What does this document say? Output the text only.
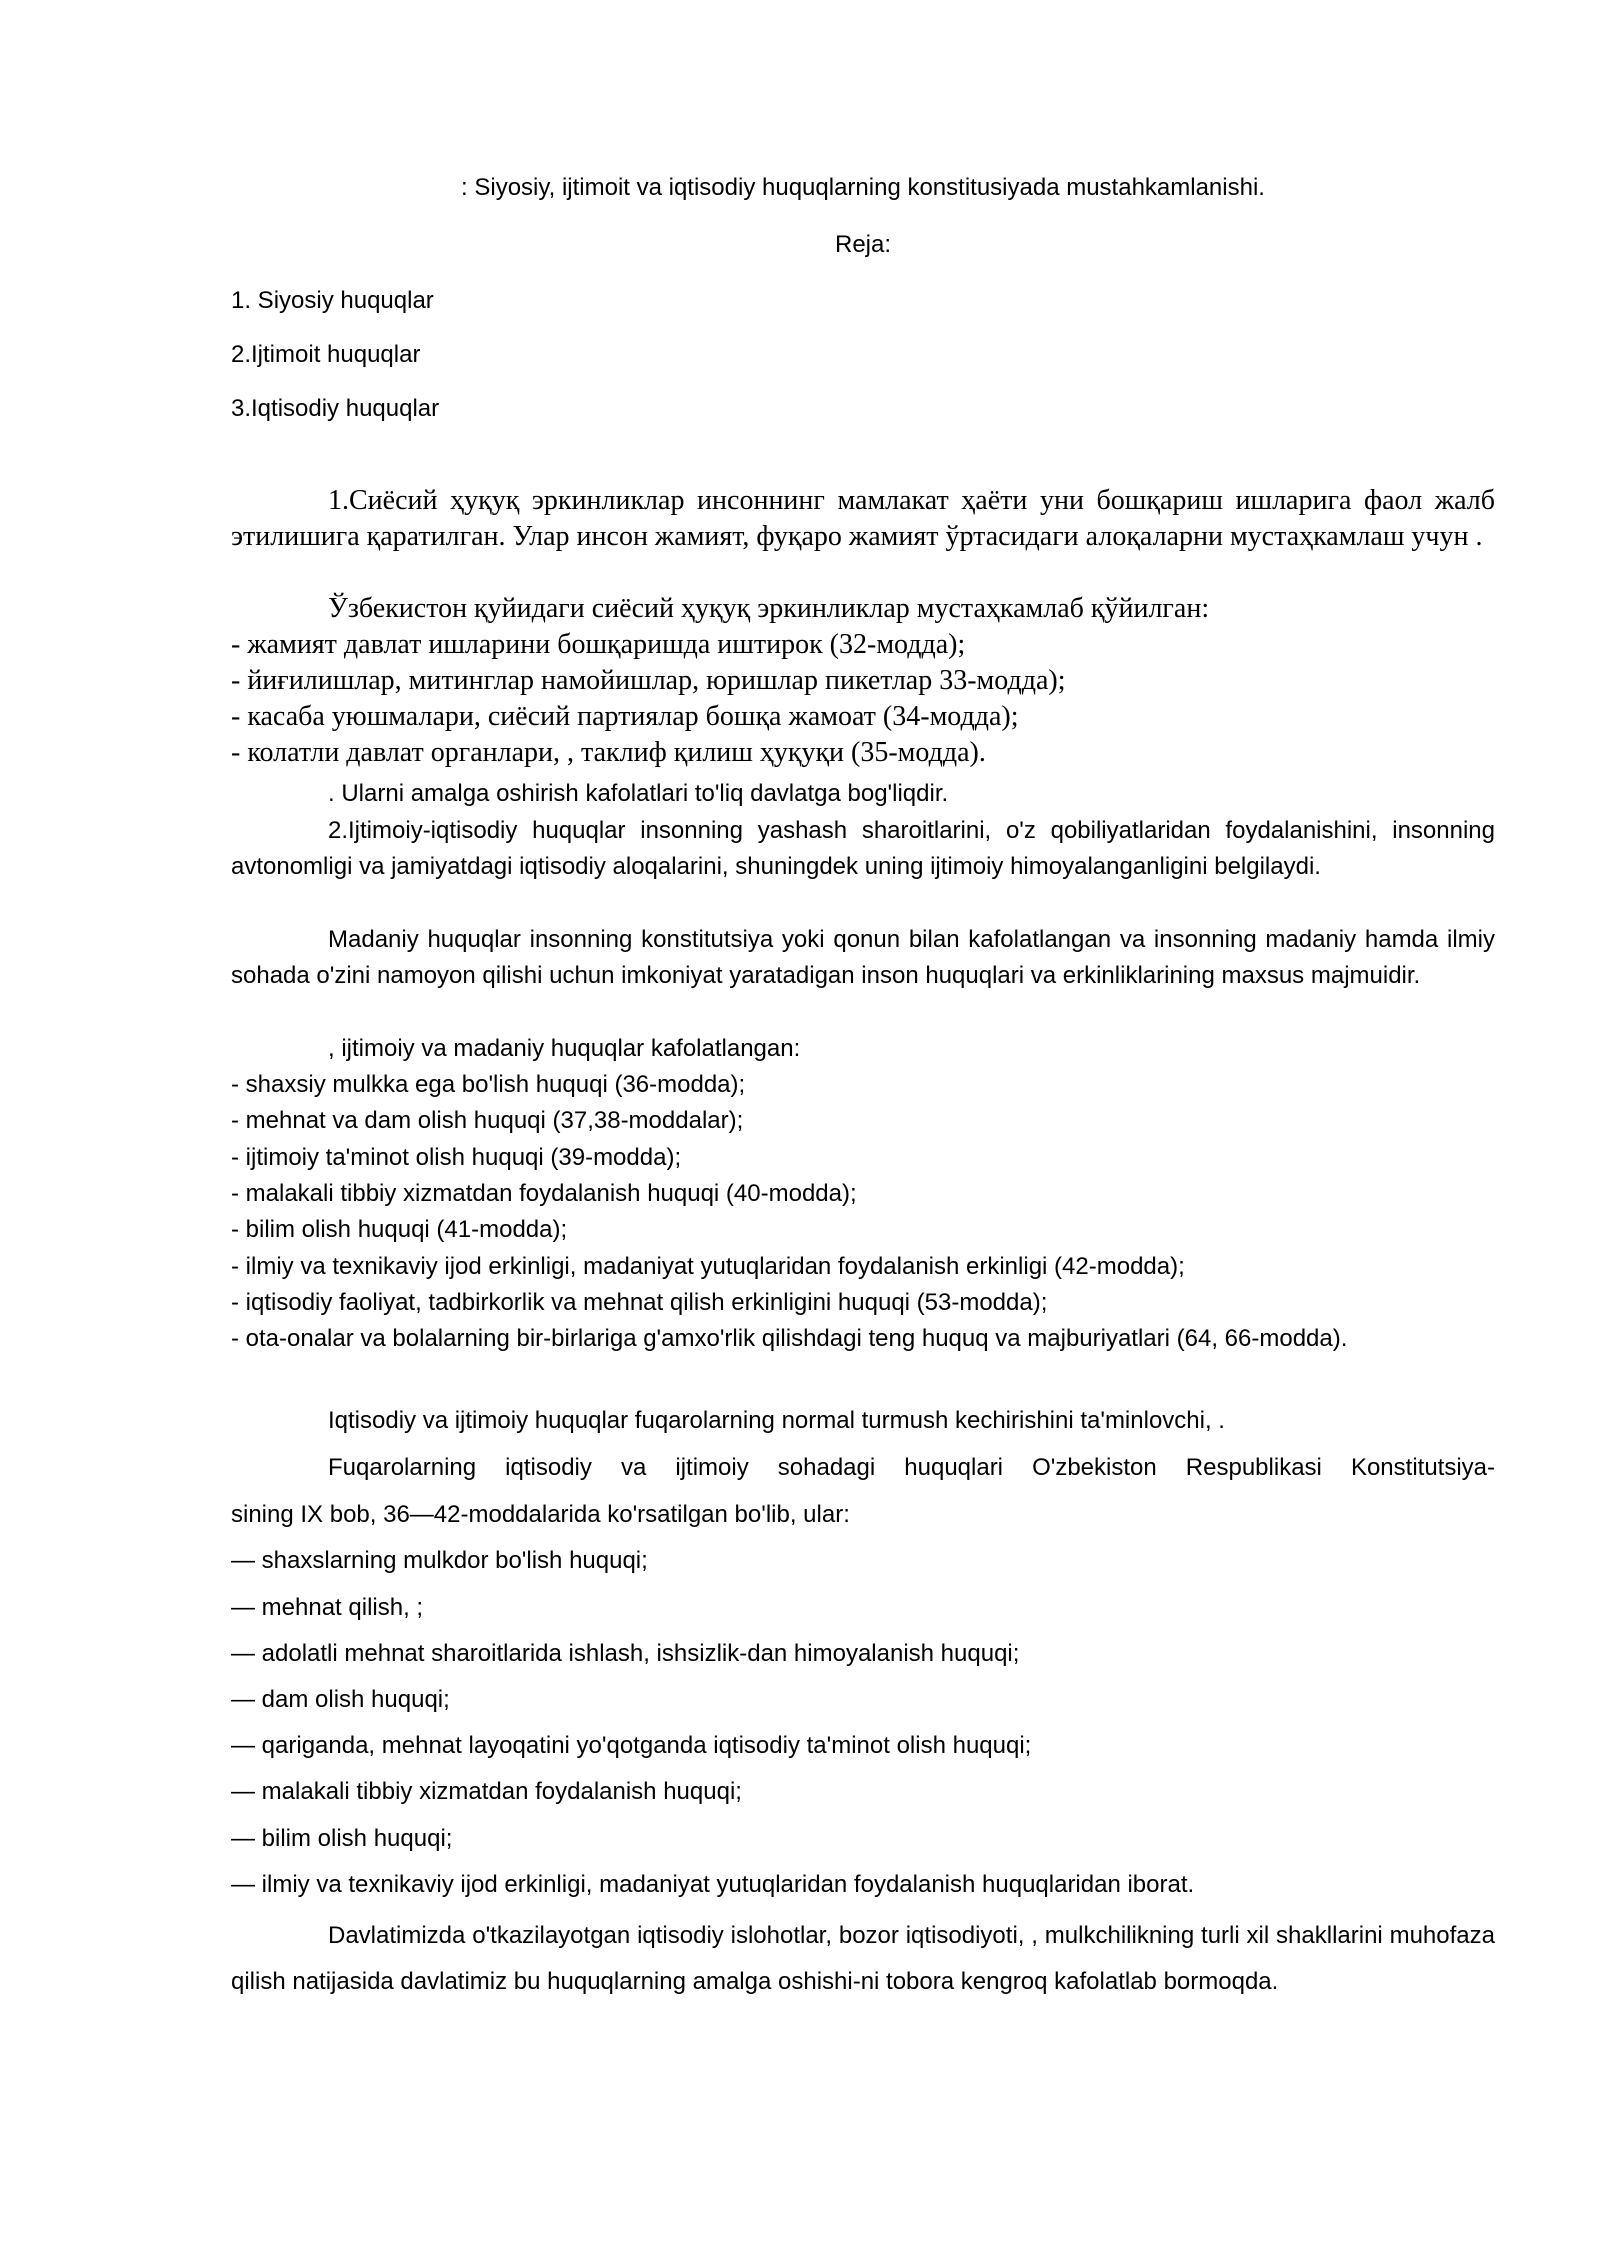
: Siyosiy, ijtimoit va iqtisodiy huquqlarning konstitusiyada mustahkamlanishi.

Reja:

1. Siyosiy huquqlar

2.Ijtimoit huquqlar

3.Iqtisodiy huquqlar

1.Сиёсий ҳуқуқ эркинликлар инсоннинг мамлакат ҳаёти уни бошқариш ишларига фаол жалб этилишига қаратилган. Улар инсон жамият, фуқаро жамият ўртасидаги алоқаларни мустаҳкамлаш учун .

Ўзбекистон қуйидаги сиёсий ҳуқуқ эркинликлар мустаҳкамлаб қўйилган:

- жамият давлат ишларини бошқаришда иштирок (32-модда);

- йиғилишлар, митинглар намойишлар, юришлар пикетлар 33-модда);

- касаба уюшмалари, сиёсий партиялар бошқа жамоат (34-модда);

- колатли давлат органлари, , таклиф қилиш ҳуқуқи (35-модда).

. Ularni amalga oshirish kafolatlari to'liq davlatga bog'liqdir.

2.Ijtimoiy-iqtisodiy huquqlar insonning yashash sharoitlarini, o'z qobiliyatlaridan foydalanishini, insonning avtonomligi va jamiyatdagi iqtisodiy aloqalarini, shuningdek uning ijtimoiy himoyalanganligini belgilaydi.

Madaniy huquqlar insonning konstitutsiya yoki qonun bilan kafolatlangan va insonning madaniy hamda ilmiy sohada o'zini namoyon qilishi uchun imkoniyat yaratadigan inson huquqlari va erkinliklarining maxsus majmuidir.

, ijtimoiy va madaniy huquqlar kafolatlangan:

- shaxsiy mulkka ega bo'lish huquqi (36-modda);

- mehnat va dam olish huquqi (37,38-moddalar);

- ijtimoiy ta'minot olish huquqi (39-modda);

- malakali tibbiy xizmatdan foydalanish huquqi (40-modda);

- bilim olish huquqi (41-modda);

- ilmiy va texnikaviy ijod erkinligi, madaniyat yutuqlaridan foydalanish erkinligi (42-modda);

- iqtisodiy faoliyat, tadbirkorlik va mehnat qilish erkinligini huquqi (53-modda);

- ota-onalar va bolalarning bir-birlariga g'amxo'rlik qilishdagi teng huquq va majburiyatlari (64, 66-modda).

Iqtisodiy va ijtimoiy huquqlar fuqarolarning normal turmush kechirishini ta'minlovchi, .

Fuqarolarning iqtisodiy va ijtimoiy sohadagi huquqlari O'zbekiston Respublikasi Konstitutsiya-

sining IX bob, 36—42-moddalarida ko'rsatilgan bo'lib, ular:

— shaxslarning mulkdor bo'lish huquqi;

— mehnat qilish, ;

— adolatli mehnat sharoitlarida ishlash, ishsizlik-dan himoyalanish huquqi;

— dam olish huquqi;

— qariganda, mehnat layoqatini yo'qotganda iqtisodiy ta'minot olish huquqi;

— malakali tibbiy xizmatdan foydalanish huquqi;

— bilim olish huquqi;

— ilmiy va texnikaviy ijod erkinligi, madaniyat yutuqlaridan foydalanish huquqlaridan iborat.

Davlatimizda o'tkazilayotgan iqtisodiy islohotlar, bozor iqtisodiyoti, , mulkchilikning turli xil shakllarini muhofaza qilish natijasida davlatimiz bu huquqlarning amalga oshishi-ni tobora kengroq kafolatlab bormoqda.
